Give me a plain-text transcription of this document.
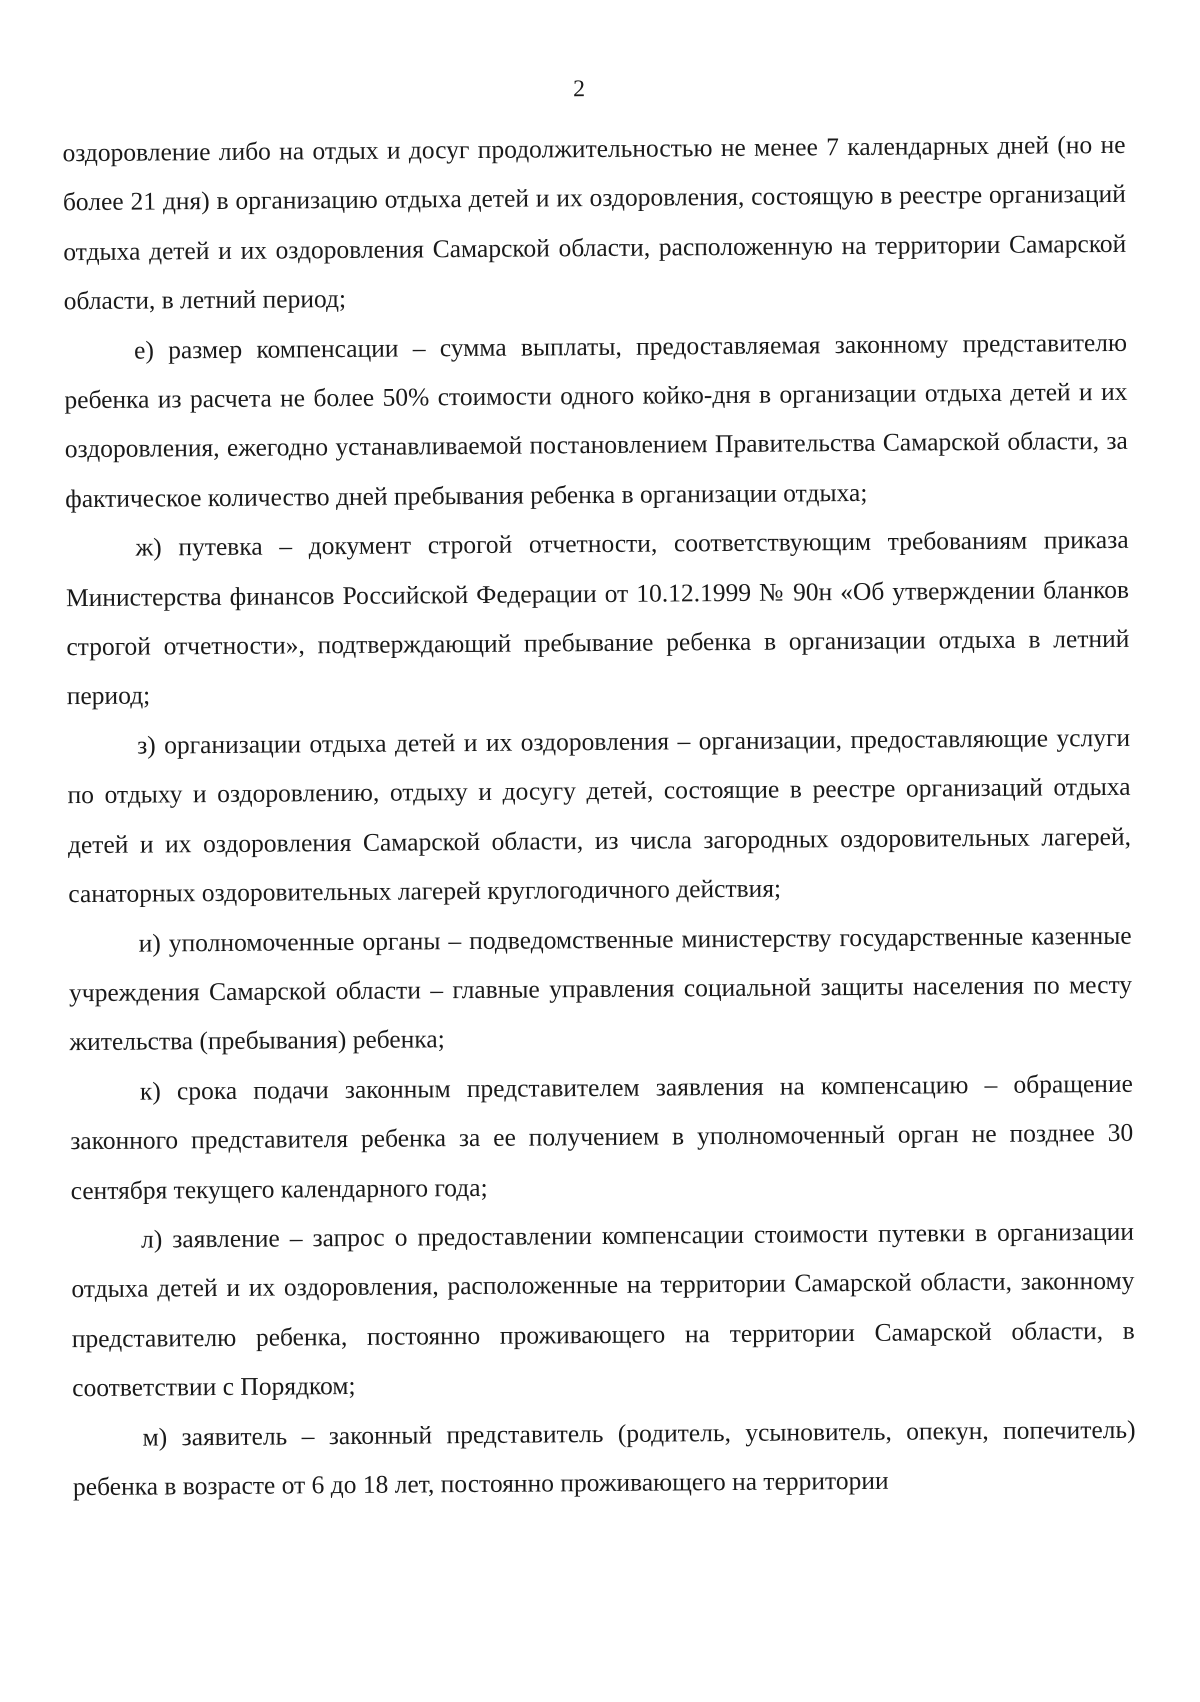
2

оздоровление либо на отдых и досуг продолжительностью не менее 7 календарных дней (но не более 21 дня) в организацию отдыха детей и их оздоровления, состоящую в реестре организаций отдыха детей и их оздоровления Самарской области, расположенную на территории Самарской области, в летний период;

е) размер компенсации – сумма выплаты, предоставляемая законному представителю ребенка из расчета не более 50% стоимости одного койко-дня в организации отдыха детей и их оздоровления, ежегодно устанавливаемой постановлением Правительства Самарской области, за фактическое количество дней пребывания ребенка в организации отдыха;

ж) путевка – документ строгой отчетности, соответствующим требованиям приказа Министерства финансов Российской Федерации от 10.12.1999 № 90н «Об утверждении бланков строгой отчетности», подтверждающий пребывание ребенка в организации отдыха в летний период;

з) организации отдыха детей и их оздоровления – организации, предоставляющие услуги по отдыху и оздоровлению, отдыху и досугу детей, состоящие в реестре организаций отдыха детей и их оздоровления Самарской области, из числа загородных оздоровительных лагерей, санаторных оздоровительных лагерей круглогодичного действия;

и) уполномоченные органы – подведомственные министерству государственные казенные учреждения Самарской области – главные управления социальной защиты населения по месту жительства (пребывания) ребенка;

к) срока подачи законным представителем заявления на компенсацию – обращение законного представителя ребенка за ее получением в уполномоченный орган не позднее 30 сентября текущего календарного года;

л) заявление – запрос о предоставлении компенсации стоимости путевки в организации отдыха детей и их оздоровления, расположенные на территории Самарской области, законному представителю ребенка, постоянно проживающего на территории Самарской области, в соответствии с Порядком;

м) заявитель – законный представитель (родитель, усыновитель, опекун, попечитель) ребенка в возрасте от 6 до 18 лет, постоянно проживающего на территории
